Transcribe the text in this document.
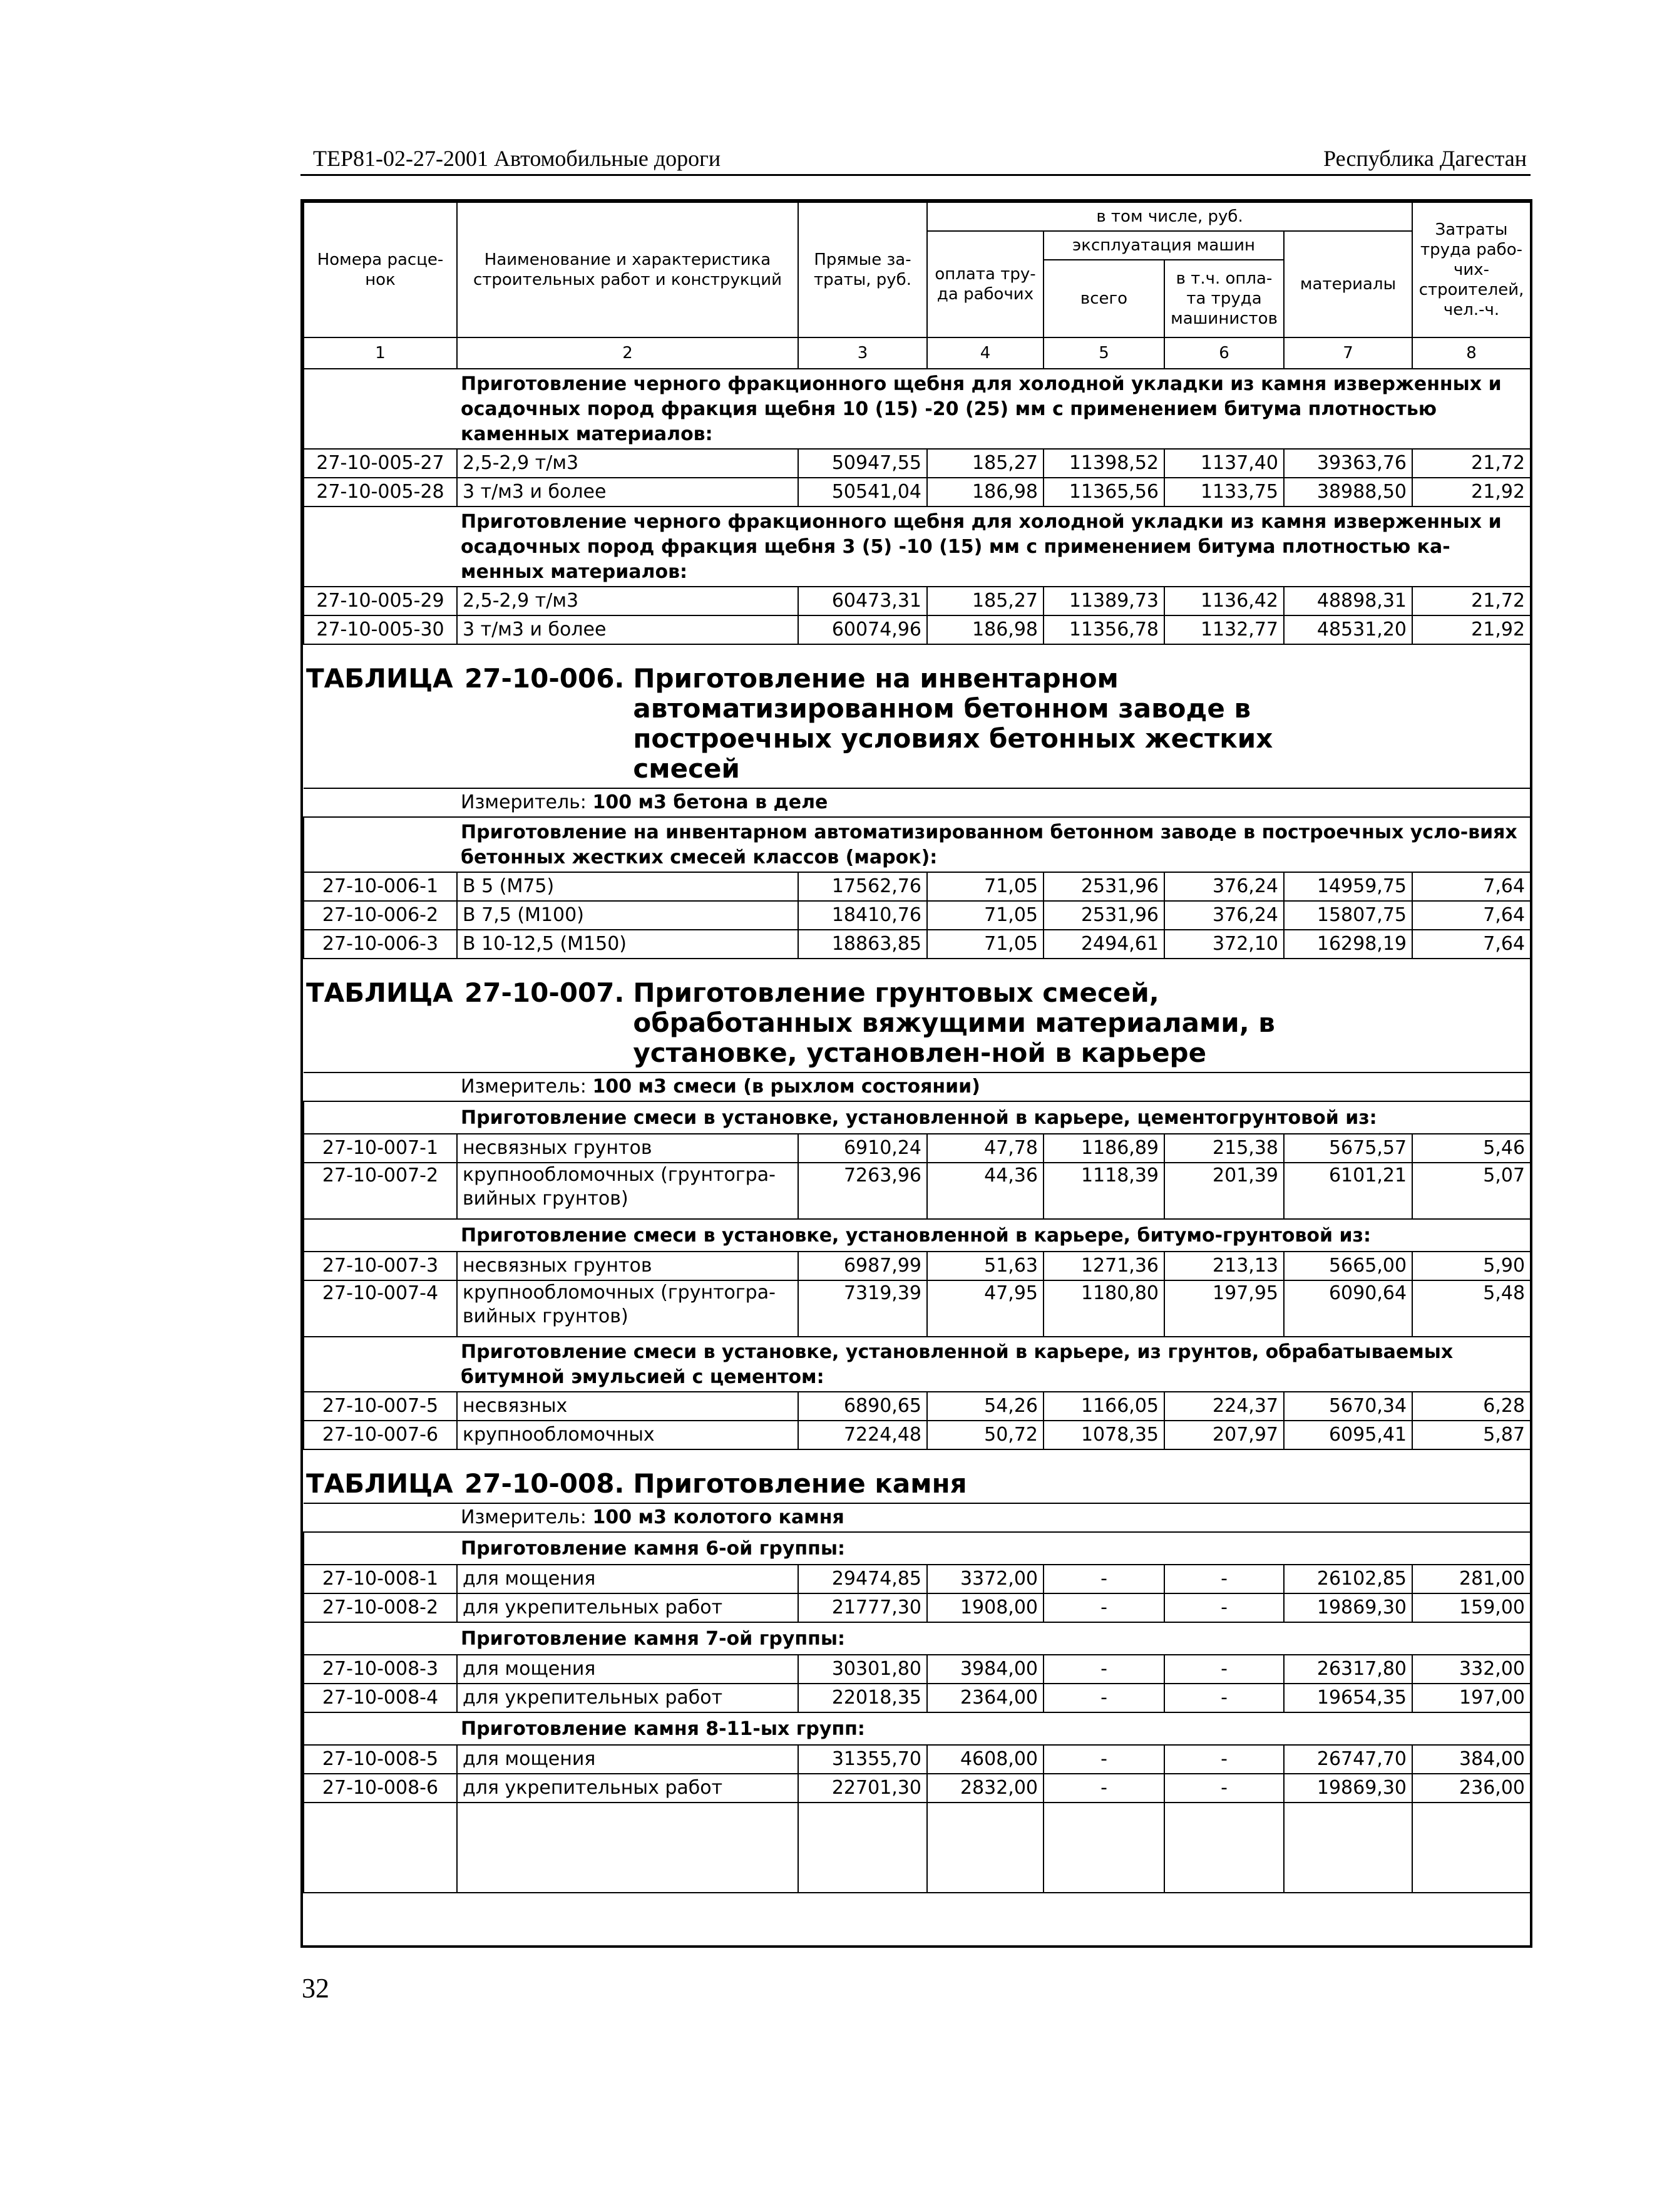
ТЕР81-02-27-2001 Автомобильные дороги	Республика Дагестан
Номера расце-нок	Наименование и характеристика строительных работ и конструкций	Прямые за-траты, руб.	в том числе, руб.				Затраты труда рабо-чих-строителей, чел.-ч.
			оплата тру-да рабочих	эксплуатация машин		материалы	
				всего	в т.ч. опла-та труда машинистов		
1	2	3	4	5	6	7	8
	Приготовление черного фракционного щебня для холодной укладки из камня изверженных и осадочных пород фракция щебня 10 (15) -20 (25) мм с применением битума плотностью каменных материалов:						
27-10-005-27	2,5-2,9 т/м3	50947,55	185,27	11398,52	1137,40	39363,76	21,72
27-10-005-28	3 т/м3 и более	50541,04	186,98	11365,56	1133,75	38988,50	21,92
	Приготовление черного фракционного щебня для холодной укладки из камня изверженных и осадочных пород фракция щебня 3 (5) -10 (15) мм с применением битума плотностью ка-менных материалов:						
27-10-005-29	2,5-2,9 т/м3	60473,31	185,27	11389,73	1136,42	48898,31	21,72
27-10-005-30	3 т/м3 и более	60074,96	186,98	11356,78	1132,77	48531,20	21,92

ТАБЛИЦА 27-10-006. Приготовление на инвентарном автоматизированном бетонном заводе в построечных условиях бетонных жестких смесей							

	Измеритель: 100 м3 бетона в деле						
	Приготовление на инвентарном автоматизированном бетонном заводе в построечных усло-виях бетонных жестких смесей классов (марок):						
27-10-006-1	В 5 (М75)	17562,76	71,05	2531,96	376,24	14959,75	7,64
27-10-006-2	В 7,5 (М100)	18410,76	71,05	2531,96	376,24	15807,75	7,64
27-10-006-3	В 10-12,5 (М150)	18863,85	71,05	2494,61	372,10	16298,19	7,64

ТАБЛИЦА 27-10-007. Приготовление грунтовых смесей, обработанных вяжущими материалами, в установке, установлен-ной в карьере							

	Измеритель: 100 м3 смеси (в рыхлом состоянии)						
	Приготовление смеси в установке, установленной в карьере, цементогрунтовой из:						
27-10-007-1	несвязных грунтов	6910,24	47,78	1186,89	215,38	5675,57	5,46
27-10-007-2	крупнообломочных (грунтогра-вийных грунтов)	7263,96	44,36	1118,39	201,39	6101,21	5,07
	Приготовление смеси в установке, установленной в карьере, битумо-грунтовой из:						
27-10-007-3	несвязных грунтов	6987,99	51,63	1271,36	213,13	5665,00	5,90
27-10-007-4	крупнообломочных (грунтогра-вийных грунтов)	7319,39	47,95	1180,80	197,95	6090,64	5,48
	Приготовление смеси в установке, установленной в карьере, из грунтов, обрабатываемых битумной эмульсией с цементом:						
27-10-007-5	несвязных	6890,65	54,26	1166,05	224,37	5670,34	6,28
27-10-007-6	крупнообломочных	7224,48	50,72	1078,35	207,97	6095,41	5,87

ТАБЛИЦА 27-10-008. Приготовление камня							

	Измеритель: 100 м3 колотого камня						
	Приготовление камня 6-ой группы:						
27-10-008-1	для мощения	29474,85	3372,00	-	-	26102,85	281,00
27-10-008-2	для укрепительных работ	21777,30	1908,00	-	-	19869,30	159,00
	Приготовление камня 7-ой группы:						
27-10-008-3	для мощения	30301,80	3984,00	-	-	26317,80	332,00
27-10-008-4	для укрепительных работ	22018,35	2364,00	-	-	19654,35	197,00
	Приготовление камня 8-11-ых групп:						
27-10-008-5	для мощения	31355,70	4608,00	-	-	26747,70	384,00
27-10-008-6	для укрепительных работ	22701,30	2832,00	-	-	19869,30	236,00

32
